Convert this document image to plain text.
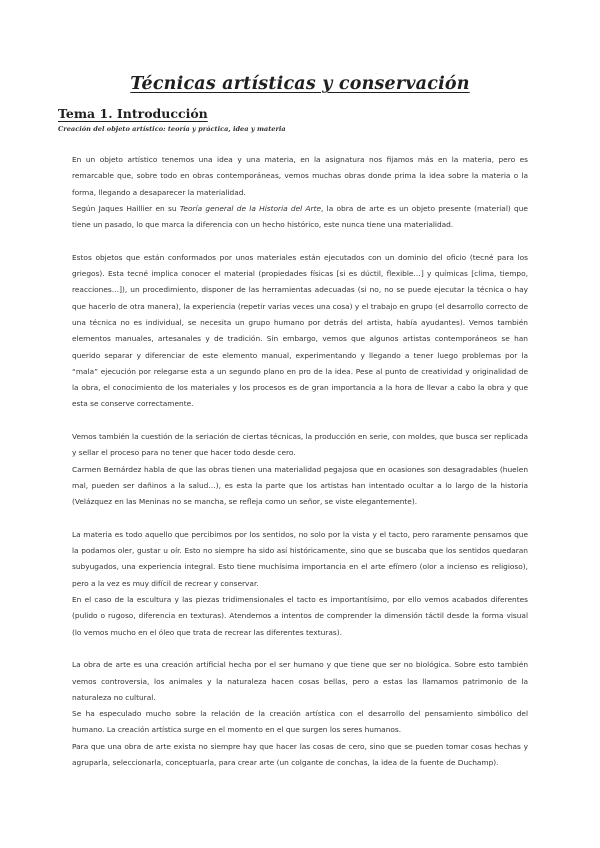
Técnicas artísticas y conservación
Tema 1. Introducción
Creación del objeto artístico: teoría y práctica, idea y materia

En un objeto artístico tenemos una idea y una materia, en la asignatura nos fijamos más en la materia, pero es remarcable que, sobre todo en obras contemporáneas, vemos muchas obras donde prima la idea sobre la materia o la forma, llegando a desaparecer la materialidad.

Según Jaques Haillier en su Teoría general de la Historia del Arte, la obra de arte es un objeto presente (material) que tiene un pasado, lo que marca la diferencia con un hecho histórico, este nunca tiene una materialidad.

Estos objetos que están conformados por unos materiales están ejecutados con un dominio del oficio (tecné para los griegos). Esta tecné implica conocer el material (propiedades físicas [si es dúctil, flexible…] y químicas [clima, tiempo, reacciones…]), un procedimiento, disponer de las herramientas adecuadas (si no, no se puede ejecutar la técnica o hay que hacerlo de otra manera), la experiencia (repetir varias veces una cosa) y el trabajo en grupo (el desarrollo correcto de una técnica no es individual, se necesita un grupo humano por detrás del artista, había ayudantes). Vemos también elementos manuales, artesanales y de tradición. Sin embargo, vemos que algunos artistas contemporáneos se han querido separar y diferenciar de este elemento manual, experimentando y llegando a tener luego problemas por la “mala” ejecución por relegarse esta a un segundo plano en pro de la idea. Pese al punto de creatividad y originalidad de la obra, el conocimiento de los materiales y los procesos es de gran importancia a la hora de llevar a cabo la obra y que esta se conserve correctamente.

Vemos también la cuestión de la seriación de ciertas técnicas, la producción en serie, con moldes, que busca ser replicada y sellar el proceso para no tener que hacer todo desde cero.

Carmen Bernárdez habla de que las obras tienen una materialidad pegajosa que en ocasiones son desagradables (huelen mal, pueden ser dañinos a la salud…), es esta la parte que los artistas han intentado ocultar a lo largo de la historia (Velázquez en las Meninas no se mancha, se refleja como un señor, se viste elegantemente).

La materia es todo aquello que percibimos por los sentidos, no solo por la vista y el tacto, pero raramente pensamos que la podamos oler, gustar u oír. Esto no siempre ha sido así históricamente, sino que se buscaba que los sentidos quedaran subyugados, una experiencia integral. Esto tiene muchísima importancia en el arte efímero (olor a incienso es religioso), pero a la vez es muy difícil de recrear y conservar.

En el caso de la escultura y las piezas tridimensionales el tacto es importantísimo, por ello vemos acabados diferentes (pulido o rugoso, diferencia en texturas). Atendemos a intentos de comprender la dimensión táctil desde la forma visual (lo vemos mucho en el óleo que trata de recrear las diferentes texturas).

La obra de arte es una creación artificial hecha por el ser humano y que tiene que ser no biológica. Sobre esto también vemos controversia, los animales y la naturaleza hacen cosas bellas, pero a estas las llamamos patrimonio de la naturaleza no cultural.

Se ha especulado mucho sobre la relación de la creación artística con el desarrollo del pensamiento simbólico del humano. La creación artística surge en el momento en el que surgen los seres humanos.

Para que una obra de arte exista no siempre hay que hacer las cosas de cero, sino que se pueden tomar cosas hechas y agruparla, seleccionarla, conceptuarla, para crear arte (un colgante de conchas, la idea de la fuente de Duchamp).
